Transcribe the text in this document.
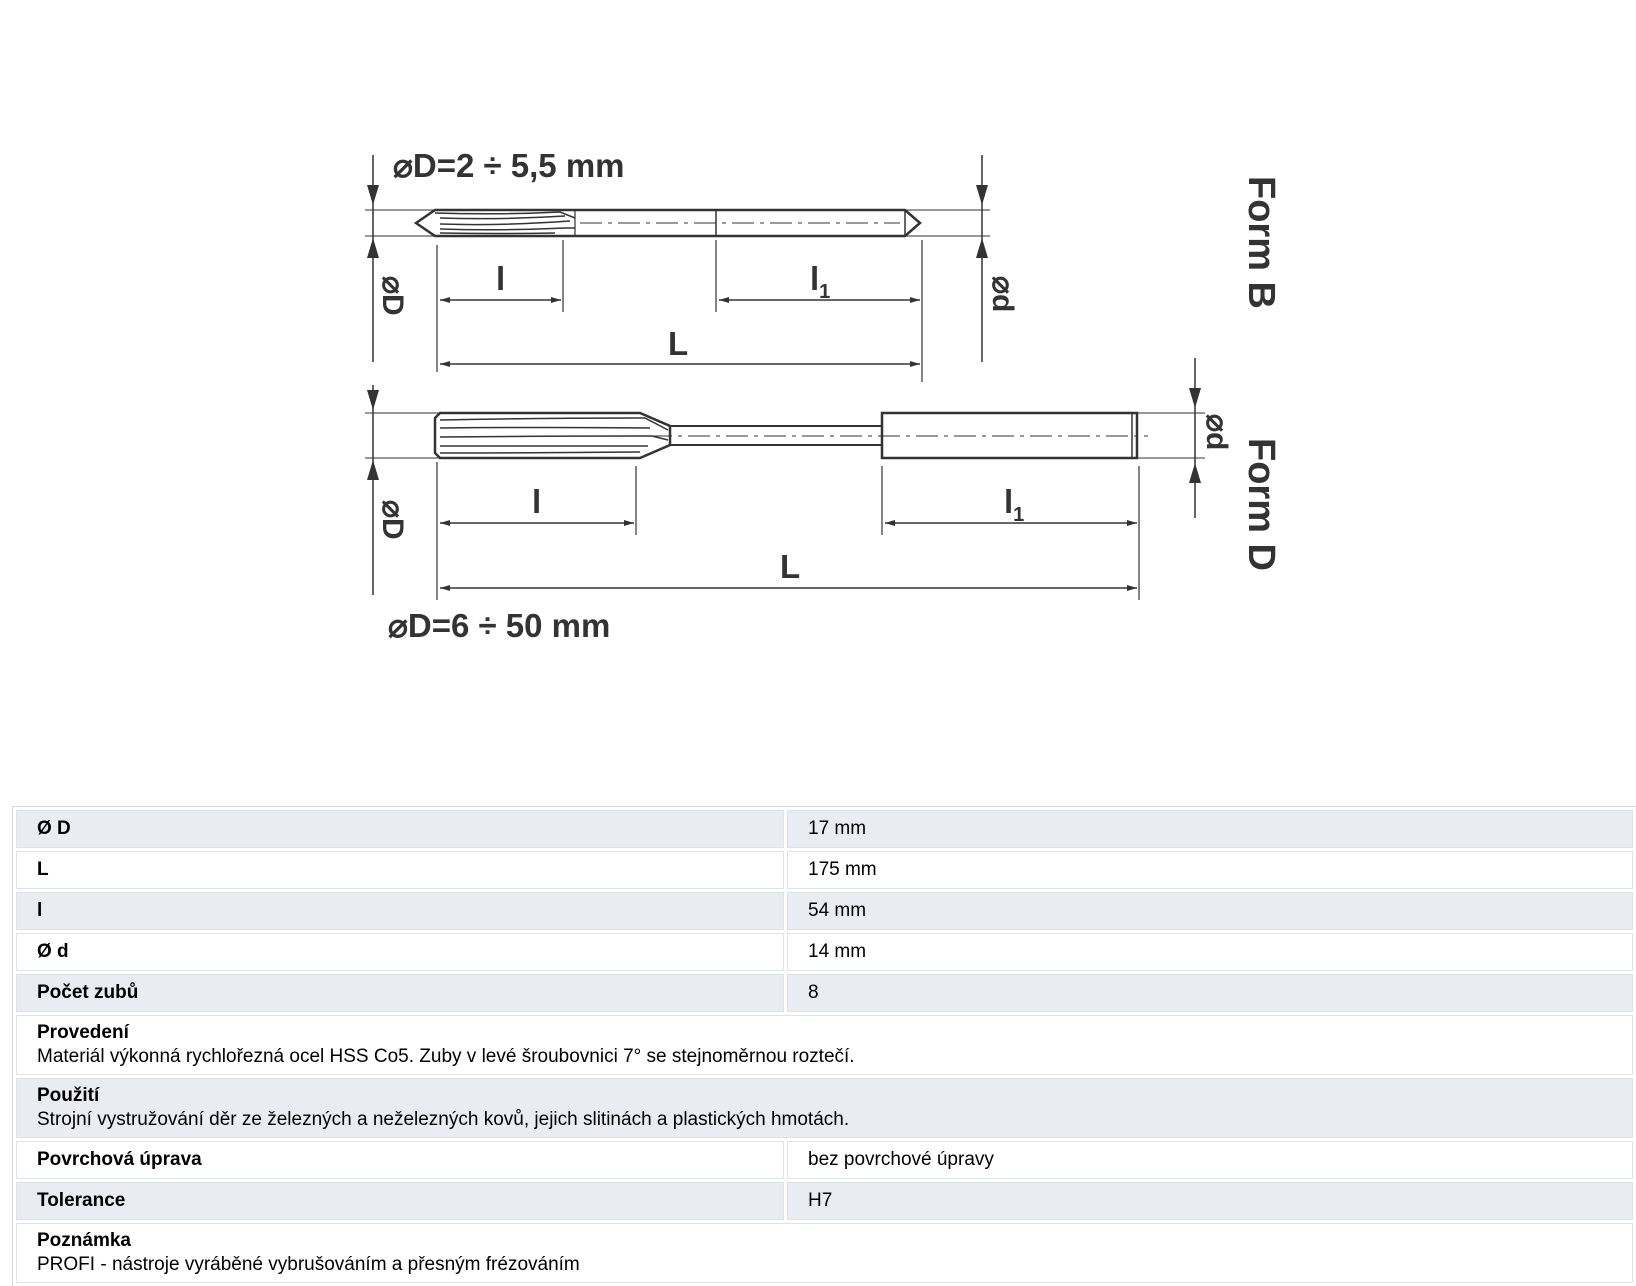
⌀D=2 ÷ 5,5 mm
⌀D=6 ÷ 50 mm
l	$l_1$
L
l	$l_1$
L
⌀D	⌀d
⌀D
⌀d
Form B
Form D
Ø D	17 mm
L	175 mm
l	54 mm
Ø d	14 mm
Počet zubů	8

Provedení
Materiál výkonná rychlořezná ocel HSS Co5. Zuby v levé šroubovnici 7° se stejnoměrnou roztečí.	

Použití
Strojní vystružování děr ze železných a neželezných kovů, jejich slitinách a plastických hmotách.	

Povrchová úprava	bez povrchové úpravy
Tolerance	H7

Poznámka
PROFI - nástroje vyráběné vybrušováním a přesným frézováním	
